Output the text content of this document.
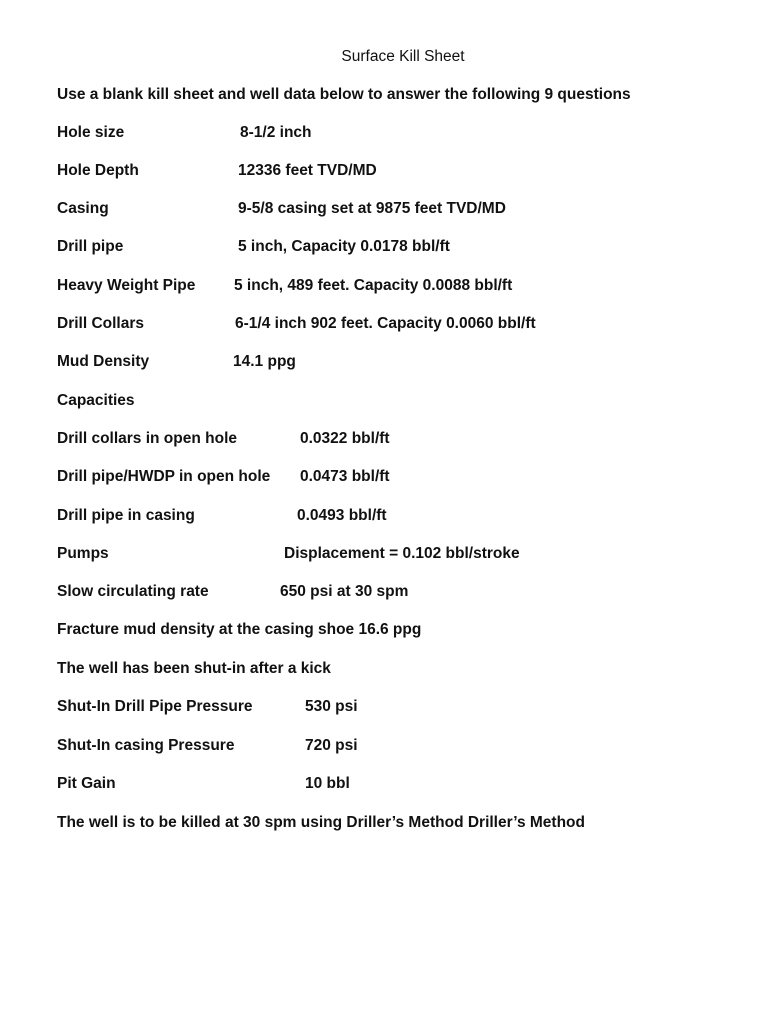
Surface Kill Sheet
Use a blank kill sheet and well data below to answer the following 9 questions
Hole size	8-1/2 inch
Hole Depth	12336 feet TVD/MD
Casing	9-5/8 casing set at 9875 feet TVD/MD
Drill pipe	5 inch, Capacity 0.0178 bbl/ft
Heavy Weight Pipe 5 inch, 489 feet. Capacity 0.0088 bbl/ft
Drill Collars	6-1/4 inch 902 feet. Capacity 0.0060 bbl/ft
Mud Density	14.1 ppg
Capacities
Drill collars in open hole	0.0322 bbl/ft
Drill pipe/HWDP in open hole 0.0473 bbl/ft
Drill pipe in casing	0.0493 bbl/ft
Pumps	Displacement = 0.102 bbl/stroke
Slow circulating rate	650 psi at 30 spm
Fracture mud density at the casing shoe 16.6 ppg
The well has been shut-in after a kick
Shut-In Drill Pipe Pressure	530 psi
Shut-In casing Pressure	720 psi
Pit Gain	10 bbl
The well is to be killed at 30 spm using Driller’s Method Driller’s Method
